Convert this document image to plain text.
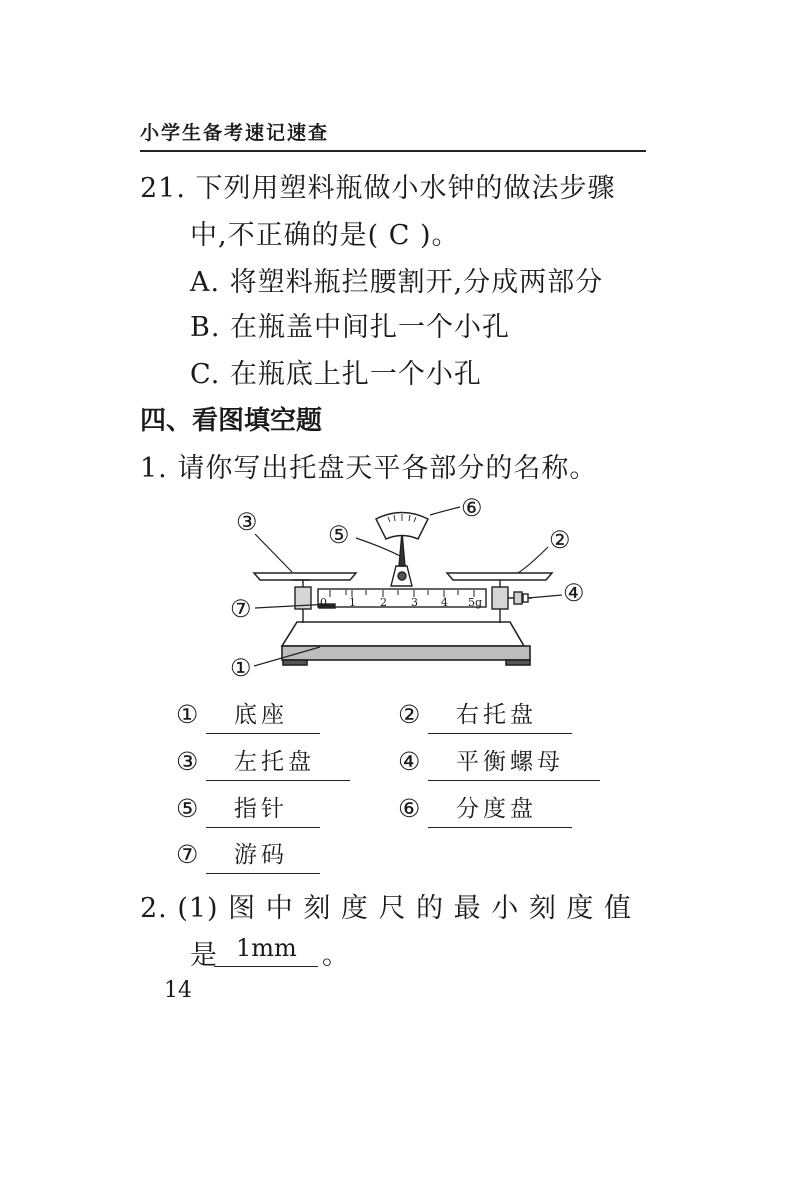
小学生备考速记速查
21. 下列用塑料瓶做小水钟的做法步骤
中,不正确的是( C )。
A. 将塑料瓶拦腰割开,分成两部分
B. 在瓶盖中间扎一个小孔
C. 在瓶底上扎一个小孔
四、看图填空题
1. 请你写出托盘天平各部分的名称。
③	⑤
⑥
②
④
⑦
①
0 1 2 3 4 5g
①	底座	②	右托盘
③	左托盘	④	平衡螺母
⑤	指针	⑥	分度盘
⑦	游码
2. (1) 图 中 刻 度 尺 的 最 小 刻 度 值
是 1mm 。
14
